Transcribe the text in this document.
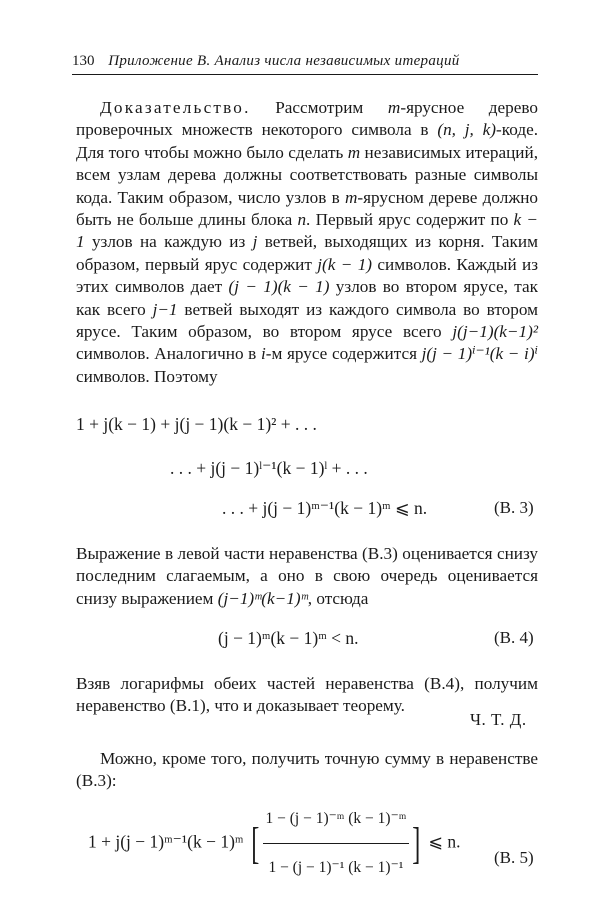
130 Приложение В. Анализ числа независимых итераций

Доказательство. Рассмотрим m-ярусное дерево проверочных множеств некоторого символа в (n, j, k)-коде. Для того чтобы можно было сделать m независимых итераций, всем узлам дерева должны соответствовать разные символы кода. Таким образом, число узлов в m-ярусном дереве должно быть не больше длины блока n. Первый ярус содержит по k − 1 узлов на каждую из j ветвей, выходящих из корня. Таким образом, первый ярус содержит j(k − 1) символов. Каждый из этих символов дает (j − 1)(k − 1) узлов во втором ярусе, так как всего j−1 ветвей выходят из каждого символа во втором ярусе. Таким образом, во втором ярусе всего j(j−1)(k−1)² символов. Аналогично в i-м ярусе содержится j(j − 1)ⁱ⁻¹(k − i)ⁱ символов. Поэтому

1 + j(k − 1) + j(j − 1)(k − 1)² + . . .
. . . + j(j − 1)ˡ⁻¹(k − 1)ˡ + . . .
. . . + j(j − 1)ᵐ⁻¹(k − 1)ᵐ ⩽ n.	(В. 3)

Выражение в левой части неравенства (В.3) оценивается снизу последним слагаемым, а оно в свою очередь оценивается снизу выражением (j−1)ᵐ(k−1)ᵐ, отсюда

(j − 1)ᵐ(k − 1)ᵐ < n.	(В. 4)

Взяв логарифмы обеих частей неравенства (В.4), получим неравенство (В.1), что и доказывает теорему.

Ч. Т. Д.

Можно, кроме того, получить точную сумму в неравенстве (В.3):

1 + j(j − 1)ᵐ⁻¹(k − 1)ᵐ [ $\frac{\text{1 − (j − 1)⁻ᵐ (k − 1)⁻ᵐ}}{\text{1 − (j − 1)⁻¹ (k − 1)⁻¹}}$ ] ⩽ n.
(В. 5)
